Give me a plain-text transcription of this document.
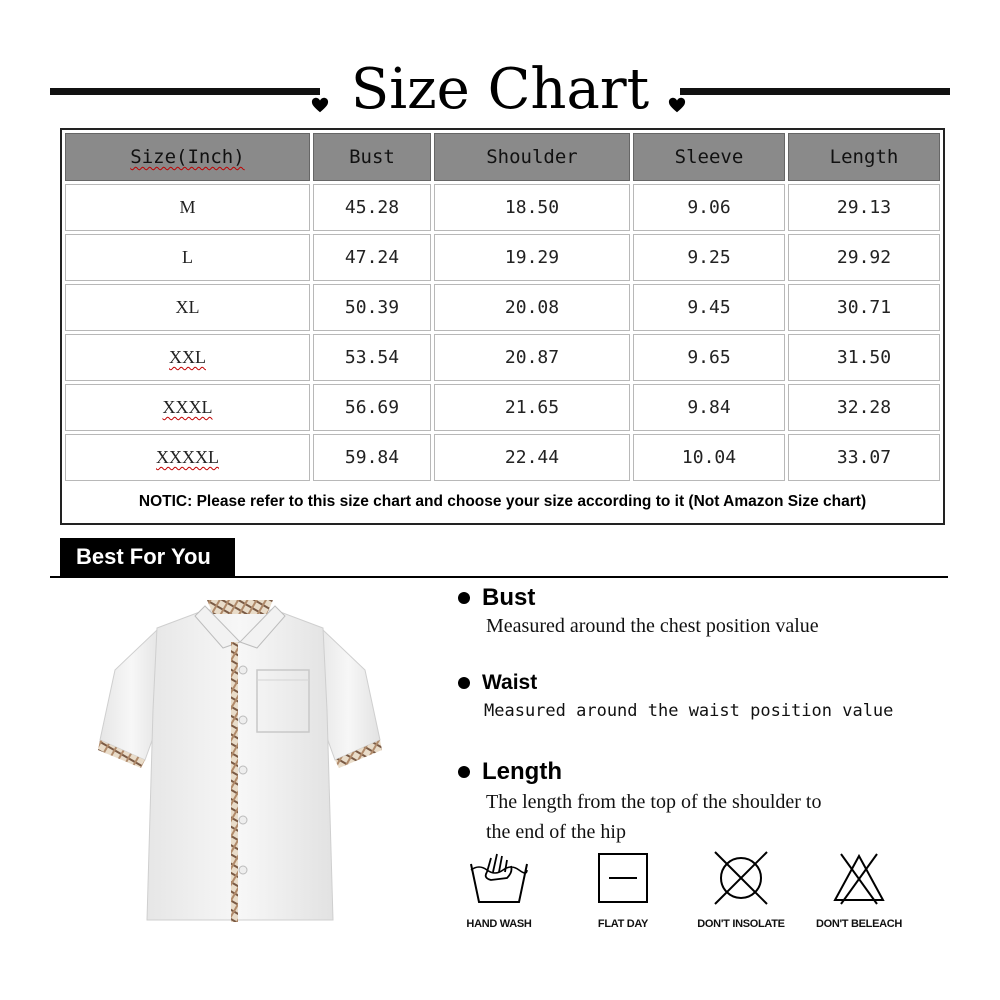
Size Chart
Size(Inch)	Bust	Shoulder	Sleeve	Length
M	45.28	18.50	9.06	29.13
L	47.24	19.29	9.25	29.92
XL	50.39	20.08	9.45	30.71
XXL	53.54	20.87	9.65	31.50
XXXL	56.69	21.65	9.84	32.28
XXXXL	59.84	22.44	10.04	33.07
NOTIC: Please refer to this size chart and choose your size according to it (Not Amazon Size chart)				
Best For You
Bust
Measured around the chest position value
Waist
Measured around the waist position value
Length
The length from the top of the shoulder to
the end of the hip
HAND WASH	FLAT DAY	DON'T INSOLATE	DON'T BELEACH
